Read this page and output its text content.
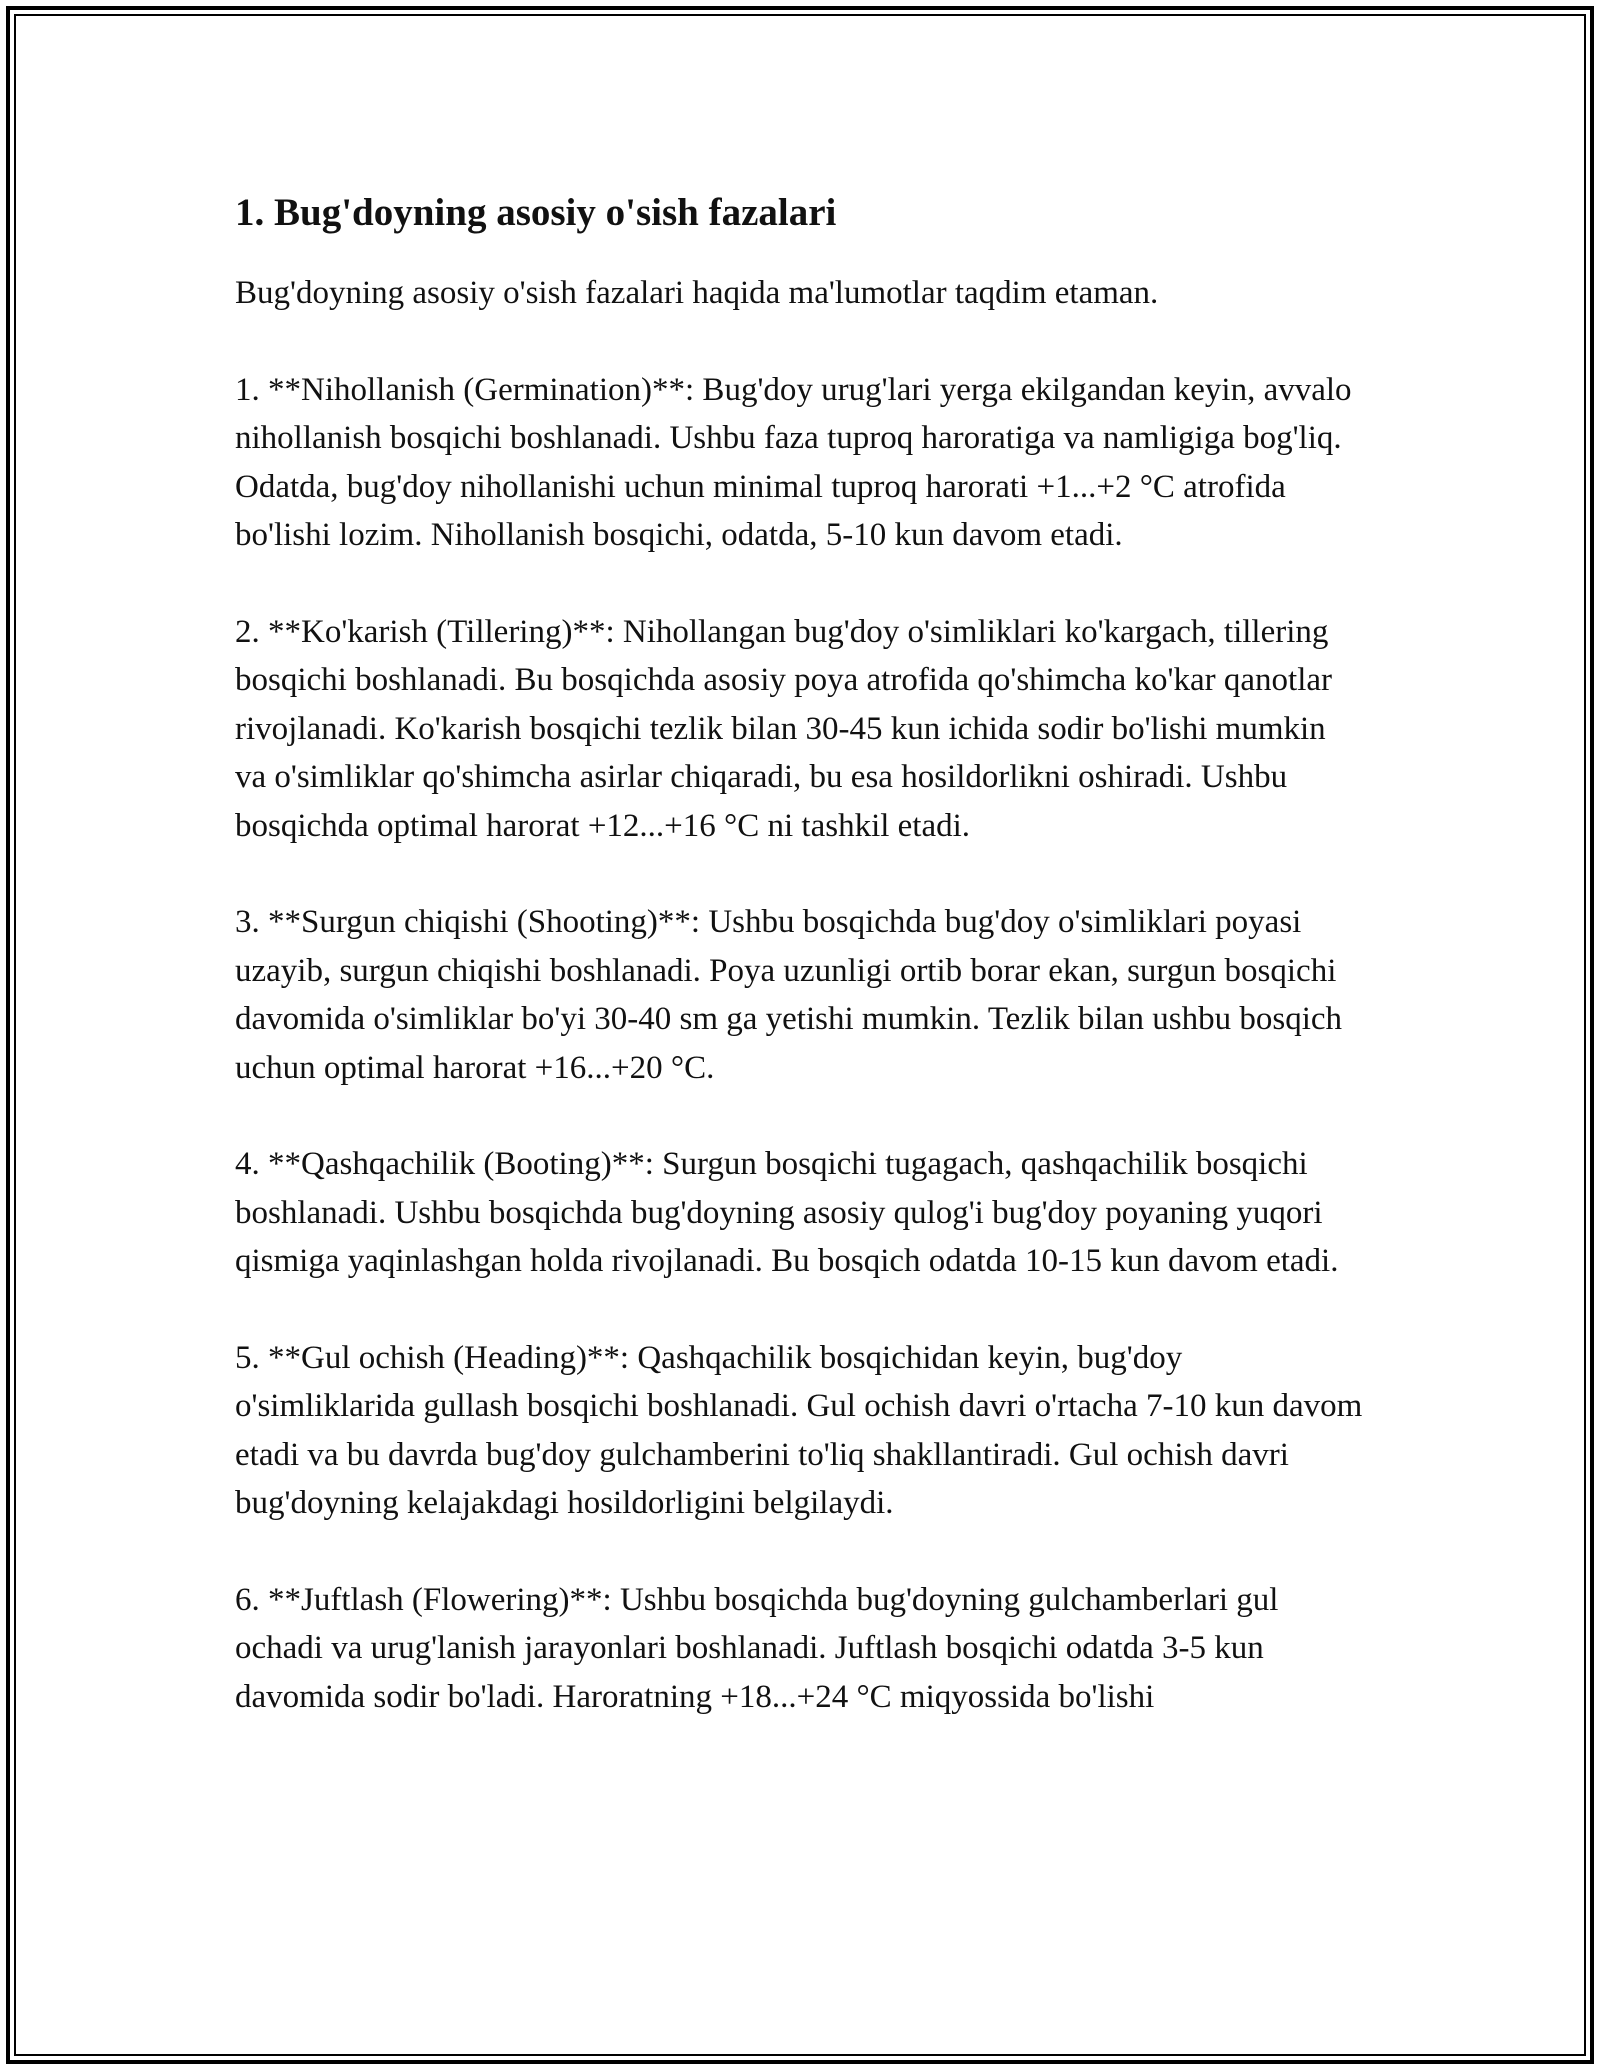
1. Bug'doyning asosiy o'sish fazalari

Bug'doyning asosiy o'sish fazalari haqida ma'lumotlar taqdim etaman.

1. **Nihollanish (Germination)**: Bug'doy urug'lari yerga ekilgandan keyin, avvalo nihollanish bosqichi boshlanadi. Ushbu faza tuproq haroratiga va namligiga bog'liq. Odatda, bug'doy nihollanishi uchun minimal tuproq harorati +1...+2 °C atrofida bo'lishi lozim. Nihollanish bosqichi, odatda, 5-10 kun davom etadi.

2. **Ko'karish (Tillering)**: Nihollangan bug'doy o'simliklari ko'kargach, tillering bosqichi boshlanadi. Bu bosqichda asosiy poya atrofida qo'shimcha ko'kar qanotlar rivojlanadi. Ko'karish bosqichi tezlik bilan 30-45 kun ichida sodir bo'lishi mumkin va o'simliklar qo'shimcha asirlar chiqaradi, bu esa hosildorlikni oshiradi. Ushbu bosqichda optimal harorat +12...+16 °C ni tashkil etadi.

3. **Surgun chiqishi (Shooting)**: Ushbu bosqichda bug'doy o'simliklari poyasi uzayib, surgun chiqishi boshlanadi. Poya uzunligi ortib borar ekan, surgun bosqichi davomida o'simliklar bo'yi 30-40 sm ga yetishi mumkin. Tezlik bilan ushbu bosqich uchun optimal harorat +16...+20 °C.

4. **Qashqachilik (Booting)**: Surgun bosqichi tugagach, qashqachilik bosqichi boshlanadi. Ushbu bosqichda bug'doyning asosiy qulog'i bug'doy poyaning yuqori qismiga yaqinlashgan holda rivojlanadi. Bu bosqich odatda 10-15 kun davom etadi.

5. **Gul ochish (Heading)**: Qashqachilik bosqichidan keyin, bug'doy o'simliklarida gullash bosqichi boshlanadi. Gul ochish davri o'rtacha 7-10 kun davom etadi va bu davrda bug'doy gulchamberini to'liq shakllantiradi. Gul ochish davri bug'doyning kelajakdagi hosildorligini belgilaydi.

6. **Juftlash (Flowering)**: Ushbu bosqichda bug'doyning gulchamberlari gul ochadi va urug'lanish jarayonlari boshlanadi. Juftlash bosqichi odatda 3-5 kun davomida sodir bo'ladi. Haroratning +18...+24 °C miqyossida bo'lishi
